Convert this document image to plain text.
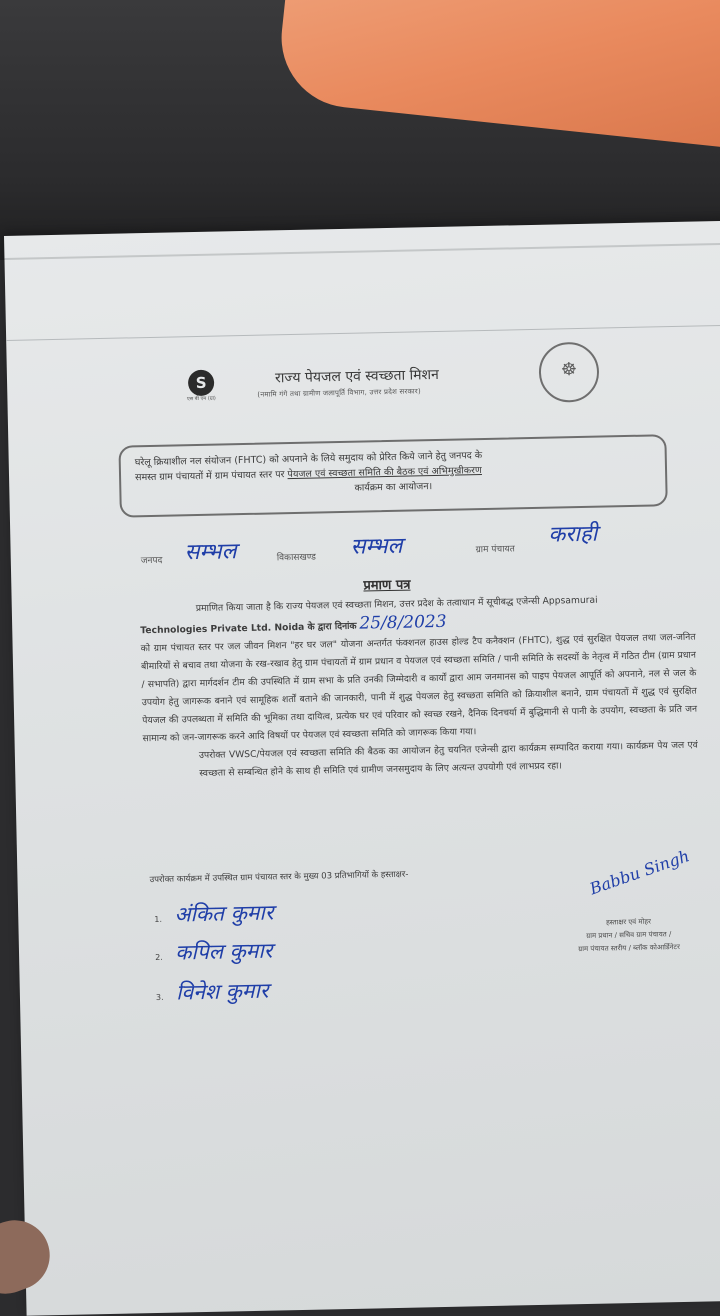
S
एस बी एम (ग्रा)
राज्य पेयजल एवं स्वच्छता मिशन
(नमामि गंगे तथा ग्रामीण जलापूर्ति विभाग, उत्तर प्रदेश सरकार)
☸
घरेलू क्रियाशील नल संयोजन (FHTC) को अपनाने के लिये समुदाय को प्रेरित किये जाने हेतु जनपद के
समस्त ग्राम पंचायतों में ग्राम पंचायत स्तर पर पेयजल एवं स्वच्छता समिति की बैठक एवं अभिमुखीकरण
कार्यक्रम का आयोजन।
जनपद सम्भल	विकासखण्ड सम्भल	ग्राम पंचायत
कराही
प्रमाण पत्र
प्रमाणित किया जाता है कि राज्य पेयजल एवं स्वच्छता मिशन, उत्तर प्रदेश के तत्वाधान में सूचीबद्ध एजेन्सी Appsamurai
Technologies Private Ltd. Noida के द्वारा दिनांक 25/8/2023
को ग्राम पंचायत स्तर पर जल जीवन मिशन "हर घर जल" योजना अन्तर्गत फंक्शनल हाउस होल्ड टैप कनैक्शन (FHTC), शुद्ध एवं सुरक्षित पेयजल तथा जल-जनित बीमारियों से बचाव तथा योजना के रख-रखाव हेतु ग्राम पंचायतों में ग्राम प्रधान व पेयजल एवं स्वच्छता समिति / पानी समिति के सदस्यों के नेतृत्व में गठित टीम (ग्राम प्रधान / सभापति) द्वारा मार्गदर्शन टीम की उपस्थिति में ग्राम सभा के प्रति उनकी जिम्मेदारी व कार्यों द्वारा आम जनमानस को पाइप पेयजल आपूर्ति को अपनाने, नल से जल के उपयोग हेतु जागरूक बनाने एवं सामूहिक शर्तों बताने की जानकारी, पानी में शुद्ध पेयजल हेतु स्वच्छता समिति को क्रियाशील बनाने, ग्राम पंचायतों में शुद्ध एवं सुरक्षित पेयजल की उपलब्धता में समिति की भूमिका तथा दायित्व, प्रत्येक घर एवं परिवार को स्वच्छ रखने, दैनिक दिनचर्या में बुद्धिमानी से पानी के उपयोग, स्वच्छता के प्रति जन सामान्य को जन-जागरूक करने आदि विषयों पर पेयजल एवं स्वच्छता समिति को जागरूक किया गया।
उपरोक्त VWSC/पेयजल एवं स्वच्छता समिति की बैठक का आयोजन हेतु चयनित एजेन्सी द्वारा कार्यक्रम सम्पादित कराया गया। कार्यक्रम पेय जल एवं स्वच्छता से सम्बन्धित होने के साथ ही समिति एवं ग्रामीण जनसमुदाय के लिए अत्यन्त उपयोगी एवं लाभप्रद रहा।
उपरोक्त कार्यक्रम में उपस्थित ग्राम पंचायत स्तर के मुख्य 03 प्रतिभागियों के हस्ताक्षर-
1. अंकित कुमार
2. कपिल कुमार
3. विनेश कुमार
Babbu Singh
हस्ताक्षर एवं मोहर
ग्राम प्रधान / सचिव ग्राम पंचायत /
ग्राम पंचायत स्तरीय / ब्लॉक कोआर्डिनेटर
